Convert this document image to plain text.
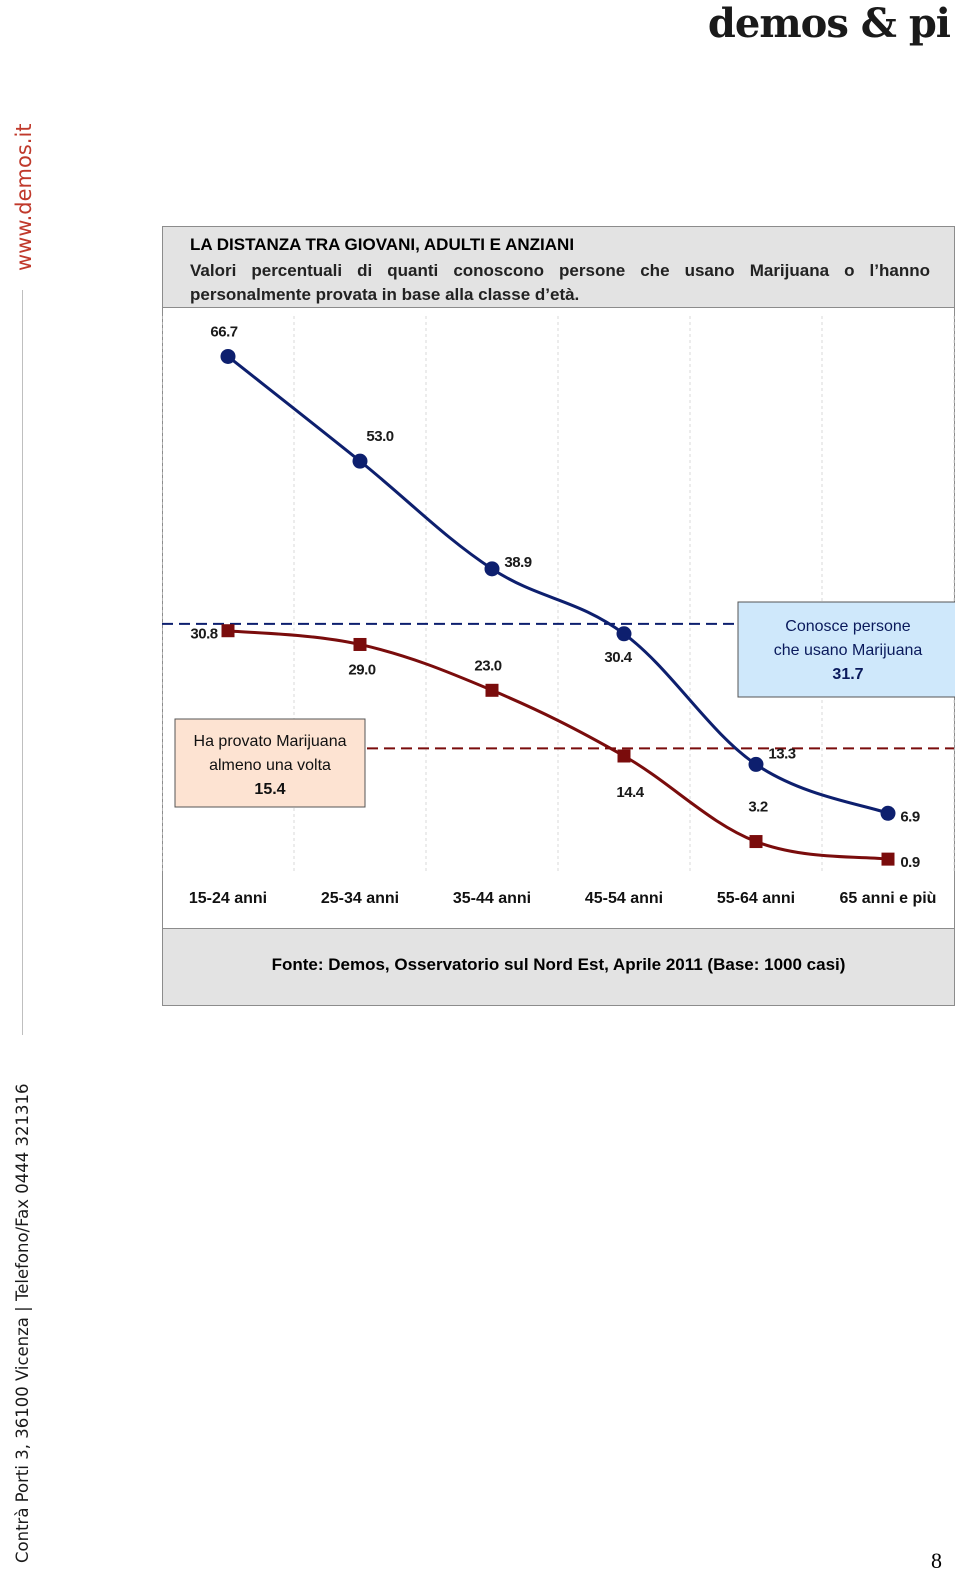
demos & pi
www.demos.it
Contrà Porti 3, 36100 Vicenza | Telefono/Fax 0444 321316	8
LA DISTANZA TRA GIOVANI, ADULTI E ANZIANI
Valori percentuali di quanti conoscono persone che usano Marijuana o l’hanno personalmente provata in base alla classe d’età.
Fonte: Demos, Osservatorio sul Nord Est, Aprile 2011 (Base: 1000 casi)
66.7
53.0
38.9
30.4
13.3
6.9
30.8
29.0	23.0
14.4
3.2
0.9
15-24 anni	25-34 anni	35-44 anni	45-54 anni	55-64 anni	65 anni e più
Conosce persone
che usano Marijuana
31.7
Ha provato Marijuana
almeno una volta
15.4
